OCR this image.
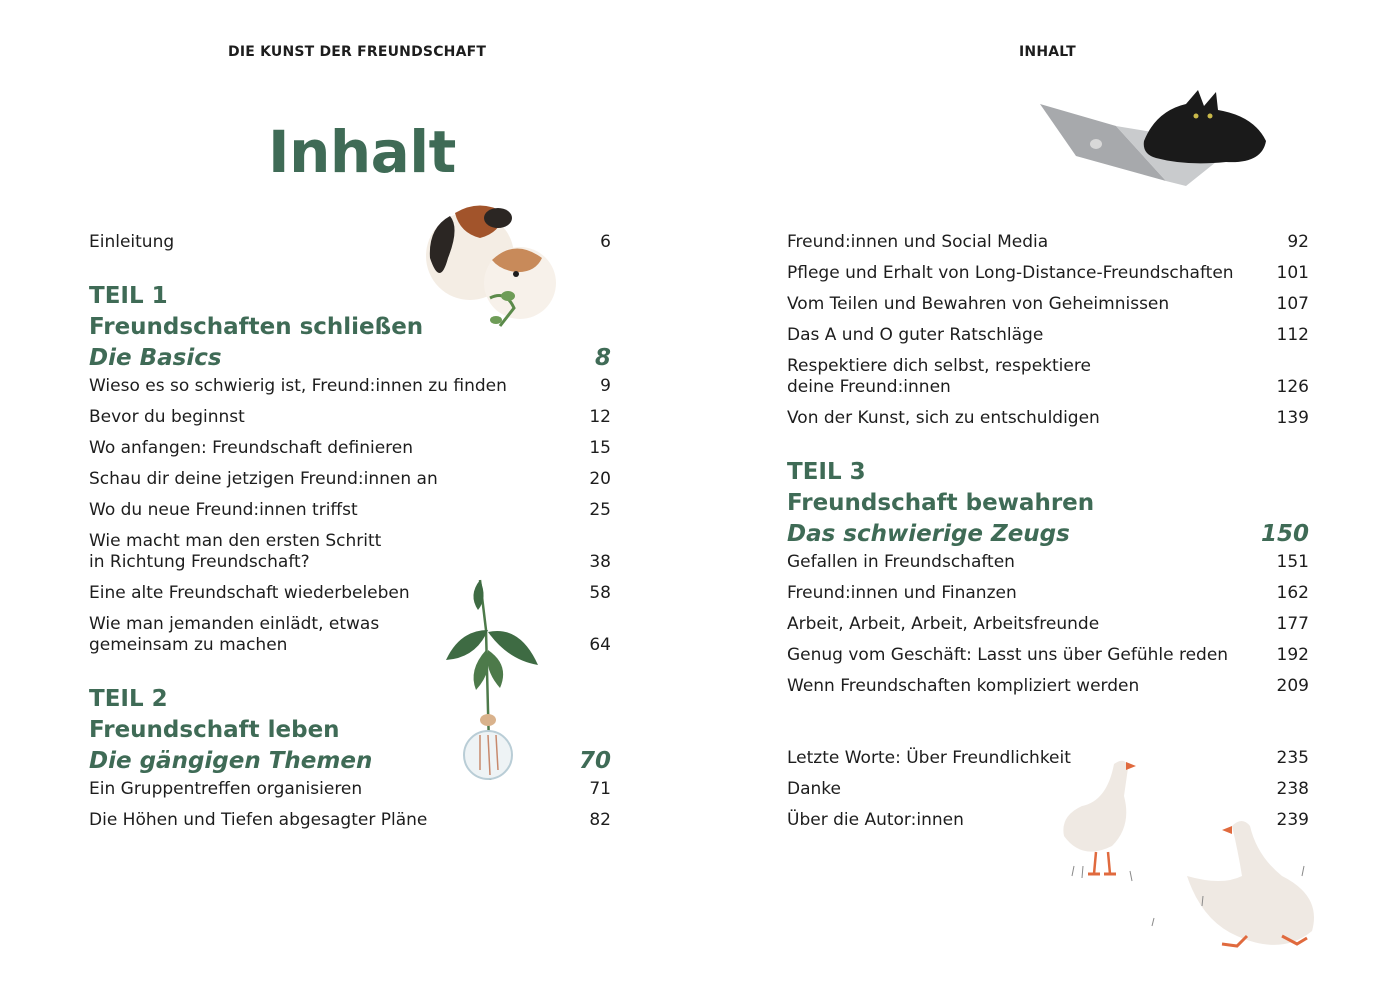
DIE KUNST DER FREUNDSCHAFT	INHALT
Inhalt
Einleitung	6
TEIL 1
Freundschaften schließen
Die Basics	8
Wieso es so schwierig ist, Freund:innen zu finden	9
Bevor du beginnst	12
Wo anfangen: Freundschaft definieren	15
Schau dir deine jetzigen Freund:innen an	20
Wo du neue Freund:innen triffst	25
Wie macht man den ersten Schritt
in Richtung Freundschaft?	38
Eine alte Freundschaft wiederbeleben	58
Wie man jemanden einlädt, etwas
gemeinsam zu machen	64
TEIL 2
Freundschaft leben
Die gängigen Themen	70
Ein Gruppentreffen organisieren	71
Die Höhen und Tiefen abgesagter Pläne	82
Freund:innen und Social Media	92
Pflege und Erhalt von Long-Distance-Freundschaften	101
Vom Teilen und Bewahren von Geheimnissen	107
Das A und O guter Ratschläge	112
Respektiere dich selbst, respektiere
deine Freund:innen	126
Von der Kunst, sich zu entschuldigen	139
TEIL 3
Freundschaft bewahren
Das schwierige Zeugs	150
Gefallen in Freundschaften	151
Freund:innen und Finanzen	162
Arbeit, Arbeit, Arbeit, Arbeitsfreunde	177
Genug vom Geschäft: Lasst uns über Gefühle reden	192
Wenn Freundschaften kompliziert werden	209
Letzte Worte: Über Freundlichkeit	235
Danke	238
Über die Autor:innen	239
